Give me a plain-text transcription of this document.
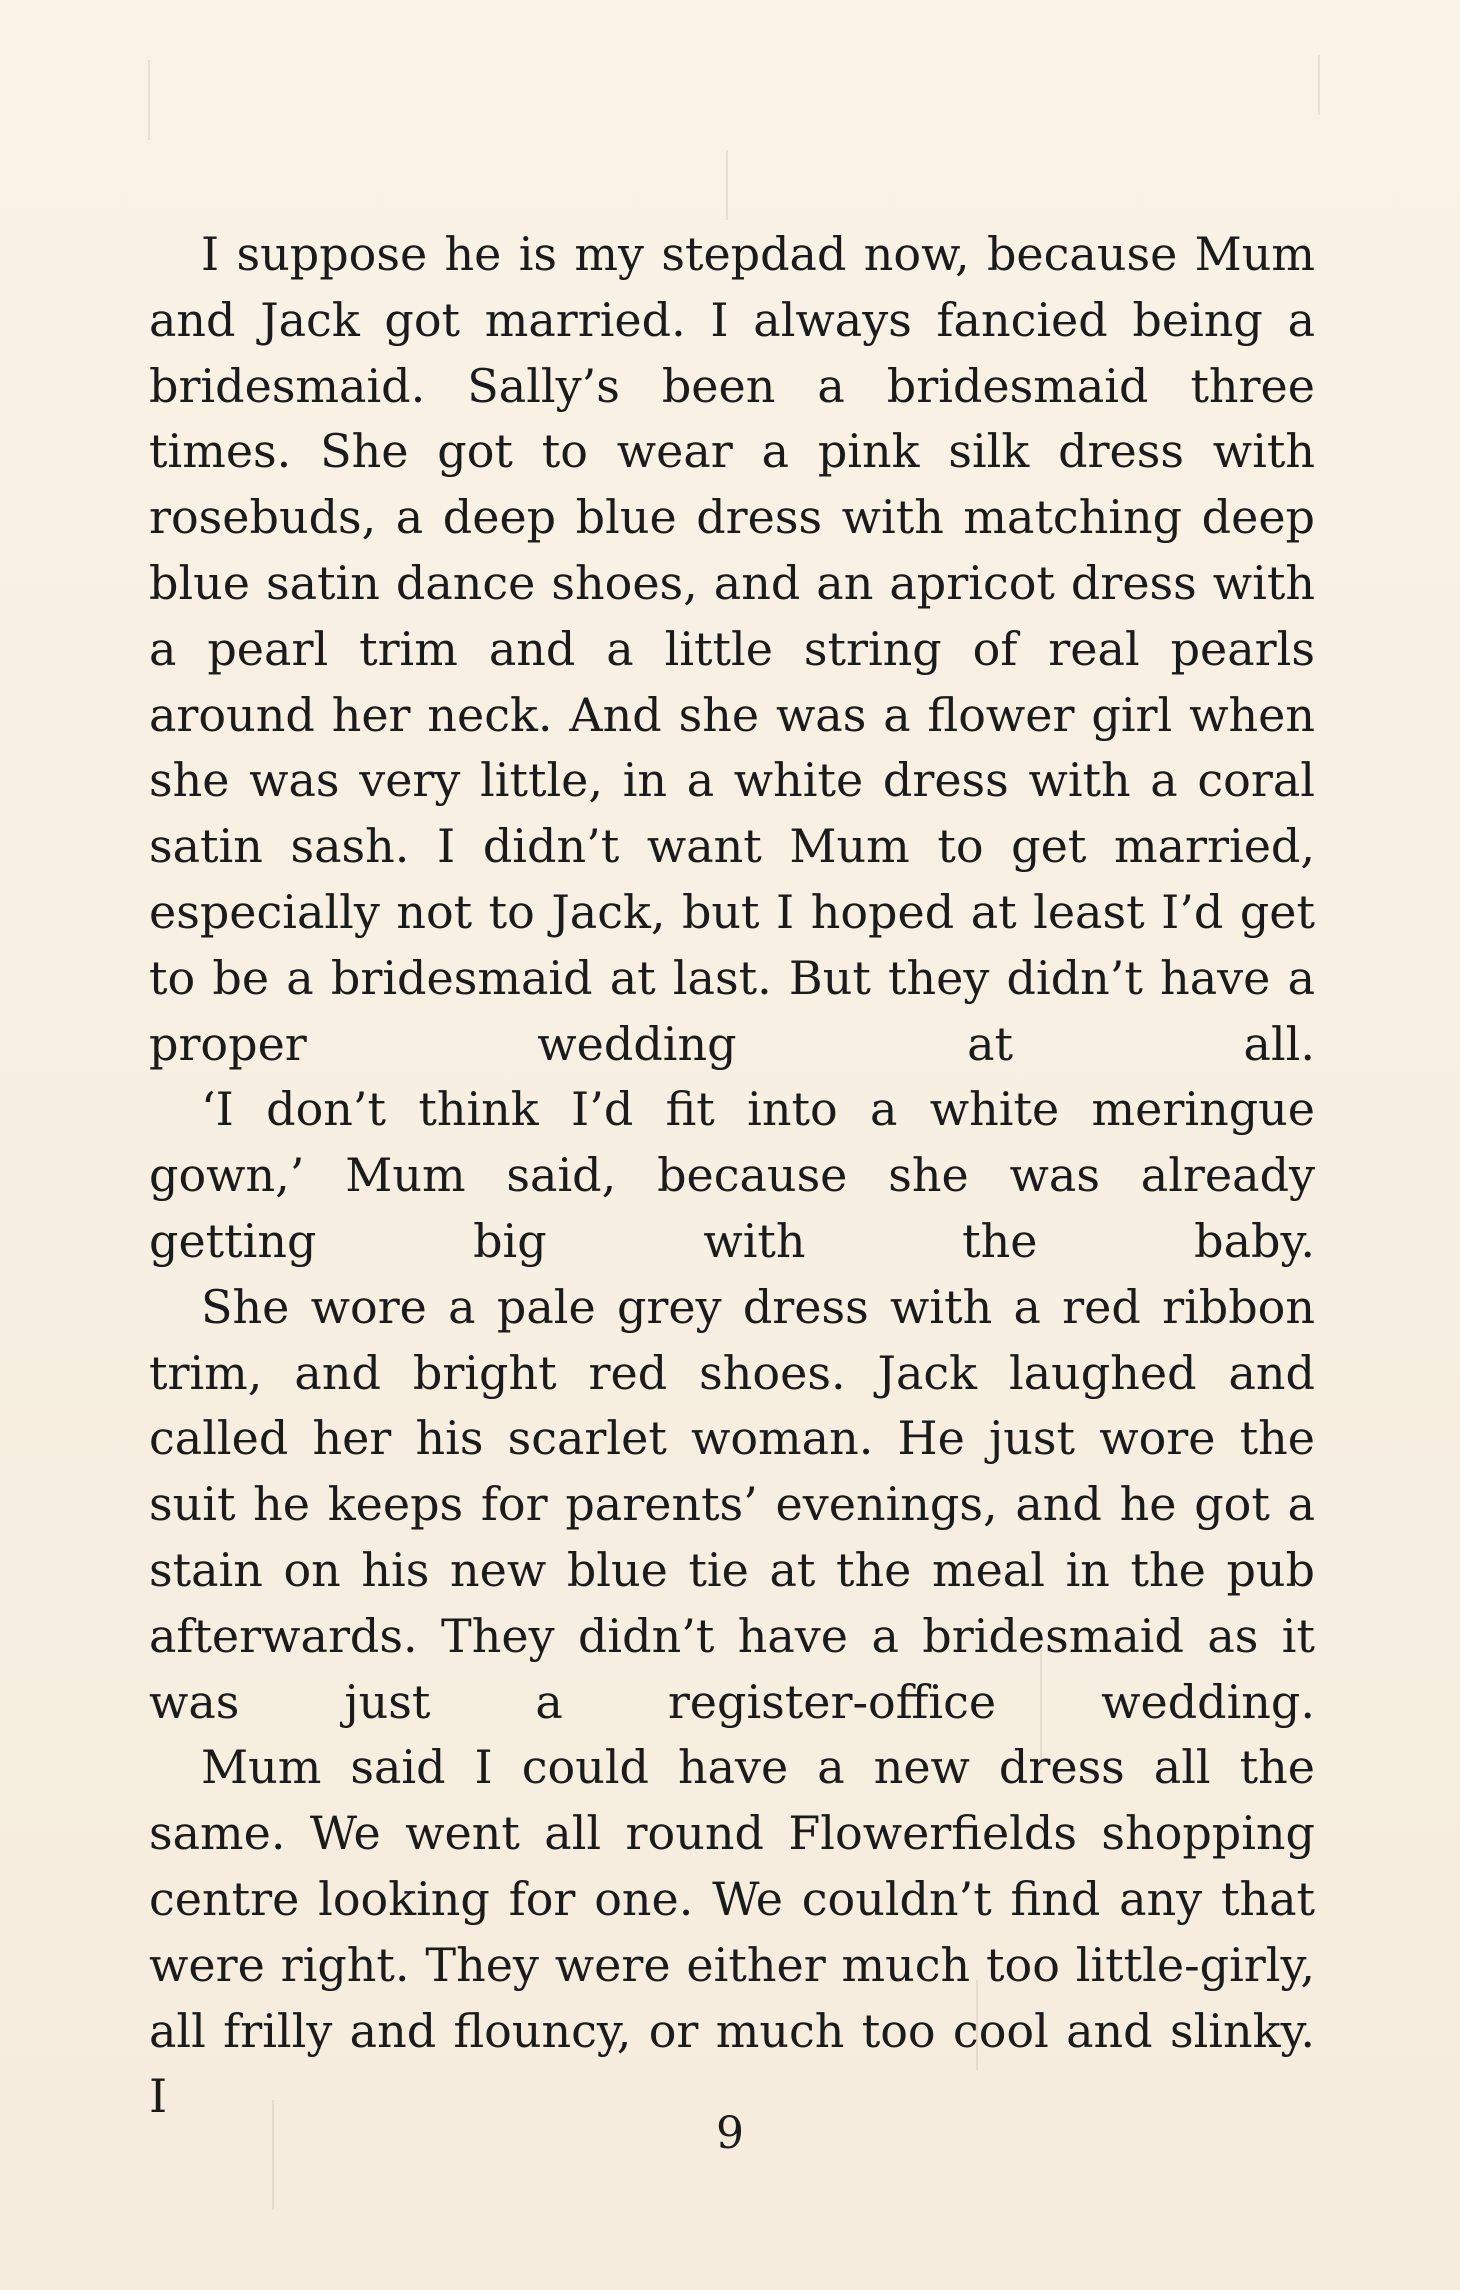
I suppose he is my stepdad now, because Mum and Jack got married. I always fancied being a bridesmaid. Sally’s been a bridesmaid three times. She got to wear a pink silk dress with rosebuds, a deep blue dress with matching deep blue satin dance shoes, and an apricot dress with a pearl trim and a little string of real pearls around her neck. And she was a flower girl when she was very little, in a white dress with a coral satin sash. I didn’t want Mum to get married, especially not to Jack, but I hoped at least I’d get to be a bridesmaid at last. But they didn’t have a proper wedding at all.

‘I don’t think I’d fit into a white meringue gown,’ Mum said, because she was already getting big with the baby.

She wore a pale grey dress with a red ribbon trim, and bright red shoes. Jack laughed and called her his scarlet woman. He just wore the suit he keeps for parents’ evenings, and he got a stain on his new blue tie at the meal in the pub afterwards. They didn’t have a bridesmaid as it was just a register-office wedding.

Mum said I could have a new dress all the same. We went all round Flowerfields shopping centre looking for one. We couldn’t find any that were right. They were either much too little-girly, all frilly and flouncy, or much too cool and slinky. I

9
